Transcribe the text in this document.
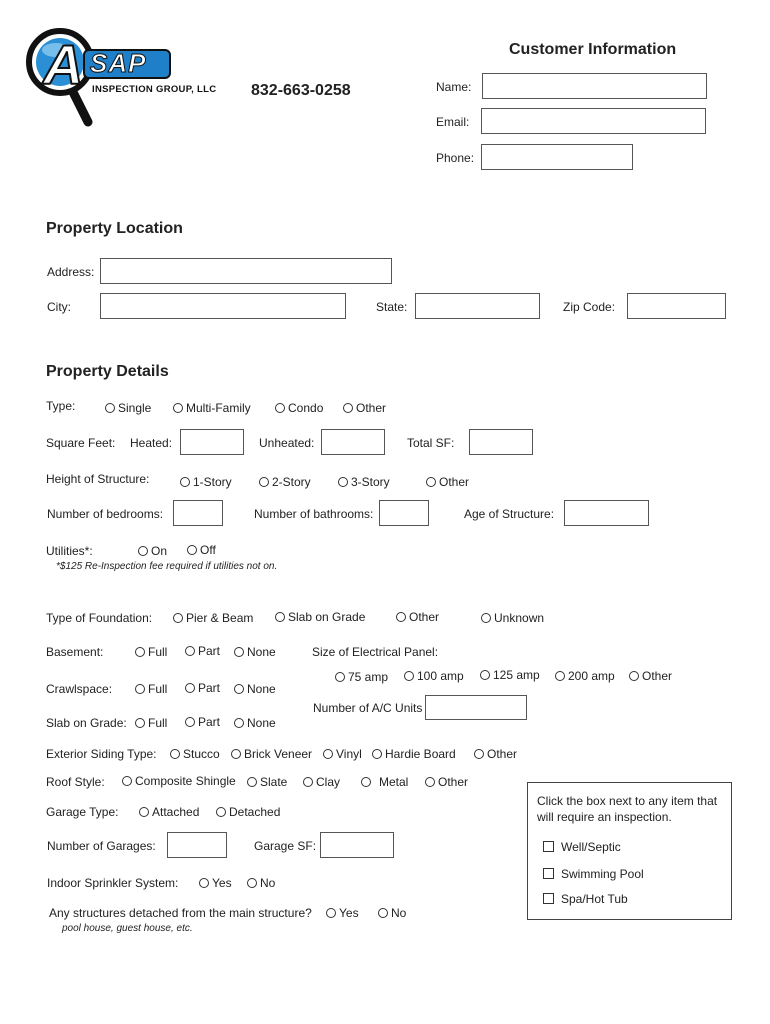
A SAP
INSPECTION GROUP, LLC 832-663-0258
Customer Information
Name:
Email:
Phone:
Property Location
Address:
City:	State:	Zip Code:
Property Details
Type:	Single	Multi-Family	Condo	Other
Square Feet: Heated:	Unheated:	Total SF:
Height of Structure:	1-Story	2-Story	3-Story	Other
Number of bedrooms:	Number of bathrooms:	Age of Structure:
Utilities*:	On	Off
*$125 Re-Inspection fee required if utilities not on.
Type of Foundation:	Pier & Beam	Slab on Grade	Other	Unknown
Basement:	Full	Part	None	Size of Electrical Panel:
75 amp	100 amp	125 amp	200 amp	Other
Crawlspace:	Full	Part	None
Number of A/C Units
Slab on Grade:	Full	Part	None
Exterior Siding Type:	Stucco	Brick Veneer	Vinyl	Hardie Board	Other
Roof Style:	Composite Shingle	Slate	Clay	Metal	Other
Garage Type:	Attached	Detached
Number of Garages:	Garage SF:
Indoor Sprinkler System:	Yes	No
Any structures detached from the main structure?	Yes	No
pool house, guest house, etc.
Click the box next to any item that will require an inspection.
Well/Septic
Swimming Pool
Spa/Hot Tub
